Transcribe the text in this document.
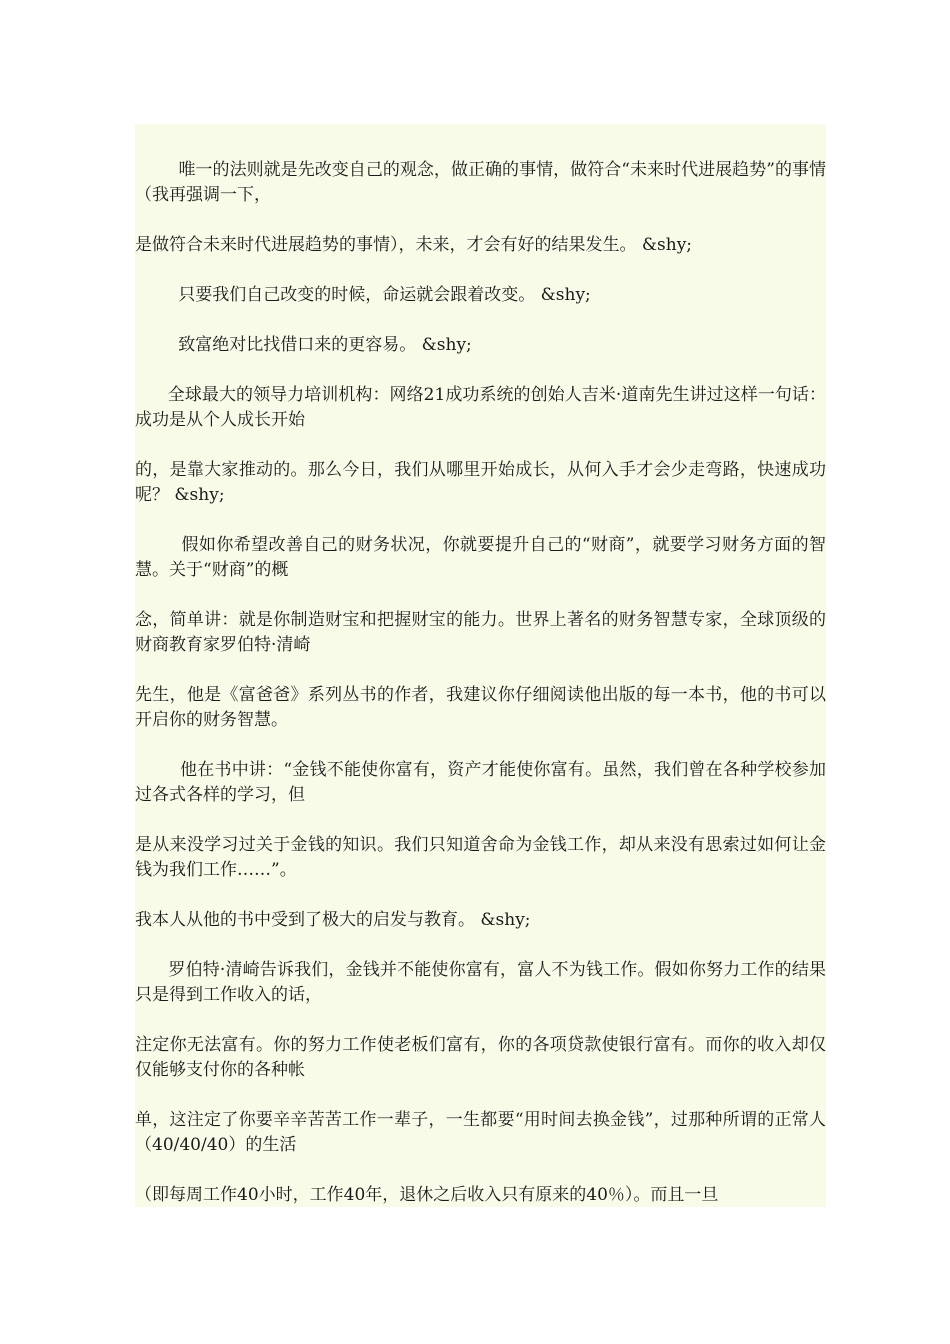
唯一的法则就是先改变自己的观念，做正确的事情，做符合“未来时代进展趋势”的事情（我再强调一下，

是做符合未来时代进展趋势的事情），未来，才会有好的结果发生。 &shy;

只要我们自己改变的时候，命运就会跟着改变。 &shy;

致富绝对比找借口来的更容易。 &shy;

全球最大的领导力培训机构：网络21成功系统的创始人吉米·道南先生讲过这样一句话：成功是从个人成长开始

的，是靠大家推动的。那么今日，我们从哪里开始成长，从何入手才会少走弯路，快速成功呢？ &shy;

假如你希望改善自己的财务状况，你就要提升自己的“财商”，就要学习财务方面的智慧。关于“财商”的概

念，简单讲：就是你制造财宝和把握财宝的能力。世界上著名的财务智慧专家，全球顶级的财商教育家罗伯特·清崎

先生，他是《富爸爸》系列丛书的作者，我建议你仔细阅读他出版的每一本书，他的书可以开启你的财务智慧。

他在书中讲：“金钱不能使你富有，资产才能使你富有。虽然，我们曾在各种学校参加过各式各样的学习，但

是从来没学习过关于金钱的知识。我们只知道舍命为金钱工作，却从来没有思索过如何让金钱为我们工作……”。

我本人从他的书中受到了极大的启发与教育。 &shy;

罗伯特·清崎告诉我们，金钱并不能使你富有，富人不为钱工作。假如你努力工作的结果只是得到工作收入的话，

注定你无法富有。你的努力工作使老板们富有，你的各项贷款使银行富有。而你的收入却仅仅能够支付你的各种帐

单，这注定了你要辛辛苦苦工作一辈子，一生都要“用时间去换金钱”，过那种所谓的正常人（40/40/40）的生活

（即每周工作40小时，工作40年，退休之后收入只有原来的40％）。而且一旦
